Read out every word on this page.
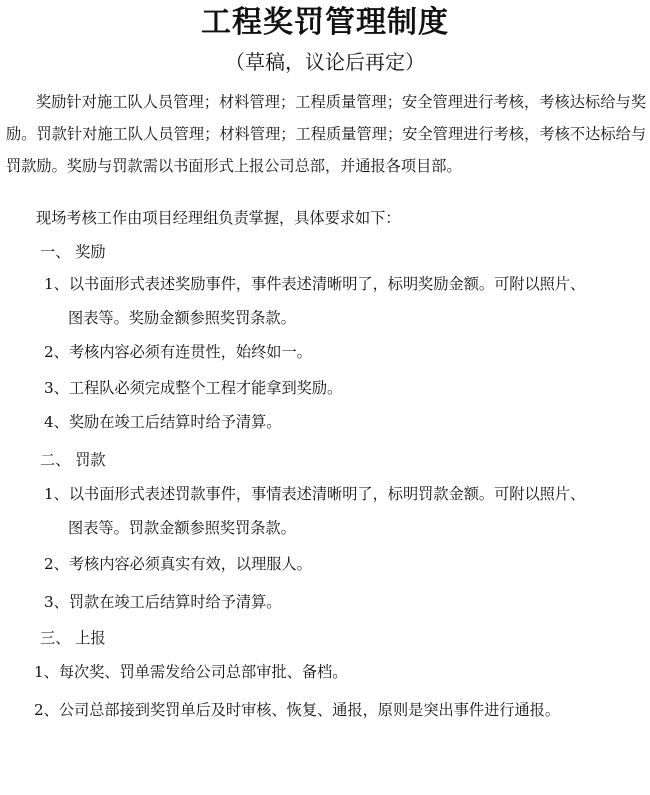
工程奖罚管理制度
（草稿，议论后再定）

奖励针对施工队人员管理；材料管理；工程质量管理；安全管理进行考核，考核达标给与奖励。罚款针对施工队人员管理；材料管理；工程质量管理；安全管理进行考核，考核不达标给与罚款励。奖励与罚款需以书面形式上报公司总部，并通报各项目部。

现场考核工作由项目经理组负责掌握，具体要求如下：

一、 奖励

1、以书面形式表述奖励事件，事件表述清晰明了，标明奖励金额。可附以照片、

图表等。奖励金额参照奖罚条款。

2、考核内容必须有连贯性，始终如一。

3、工程队必须完成整个工程才能拿到奖励。

4、奖励在竣工后结算时给予清算。

二、 罚款

1、以书面形式表述罚款事件，事情表述清晰明了，标明罚款金额。可附以照片、

图表等。罚款金额参照奖罚条款。

2、考核内容必须真实有效，以理服人。

3、罚款在竣工后结算时给予清算。

三、 上报

1、每次奖、罚单需发给公司总部审批、备档。

2、公司总部接到奖罚单后及时审核、恢复、通报，原则是突出事件进行通报。
